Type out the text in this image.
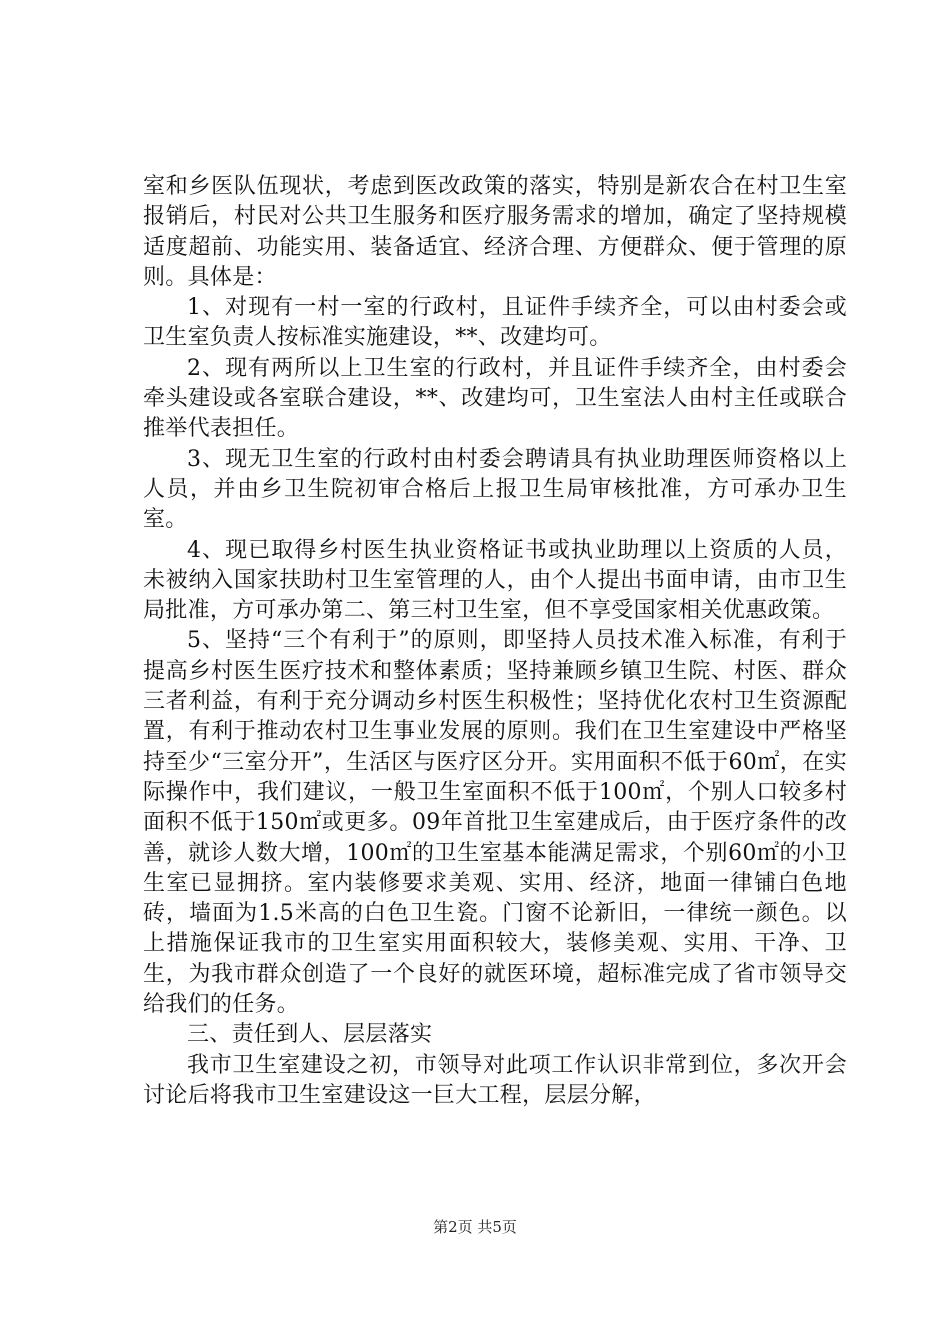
室和乡医队伍现状，考虑到医改政策的落实，特别是新农合在村卫生室报销后，村民对公共卫生服务和医疗服务需求的增加，确定了坚持规模适度超前、功能实用、装备适宜、经济合理、方便群众、便于管理的原则。具体是：

1、对现有一村一室的行政村，且证件手续齐全，可以由村委会或卫生室负责人按标准实施建设，**、改建均可。

2、现有两所以上卫生室的行政村，并且证件手续齐全，由村委会牵头建设或各室联合建设，**、改建均可，卫生室法人由村主任或联合推举代表担任。

3、现无卫生室的行政村由村委会聘请具有执业助理医师资格以上人员，并由乡卫生院初审合格后上报卫生局审核批准，方可承办卫生室。

4、现已取得乡村医生执业资格证书或执业助理以上资质的人员，未被纳入国家扶助村卫生室管理的人，由个人提出书面申请，由市卫生局批准，方可承办第二、第三村卫生室，但不享受国家相关优惠政策。

5、坚持“三个有利于”的原则，即坚持人员技术准入标准，有利于提高乡村医生医疗技术和整体素质；坚持兼顾乡镇卫生院、村医、群众三者利益，有利于充分调动乡村医生积极性；坚持优化农村卫生资源配置，有利于推动农村卫生事业发展的原则。我们在卫生室建设中严格坚持至少“三室分开”，生活区与医疗区分开。实用面积不低于60㎡，在实际操作中，我们建议，一般卫生室面积不低于100㎡，个别人口较多村面积不低于150㎡或更多。09年首批卫生室建成后，由于医疗条件的改善，就诊人数大增，100㎡的卫生室基本能满足需求，个别60㎡的小卫生室已显拥挤。室内装修要求美观、实用、经济，地面一律铺白色地砖，墙面为1.5米高的白色卫生瓷。门窗不论新旧，一律统一颜色。以上措施保证我市的卫生室实用面积较大，装修美观、实用、干净、卫生，为我市群众创造了一个良好的就医环境，超标准完成了省市领导交给我们的任务。

三、责任到人、层层落实

我市卫生室建设之初，市领导对此项工作认识非常到位，多次开会讨论后将我市卫生室建设这一巨大工程，层层分解，

第2页 共5页
